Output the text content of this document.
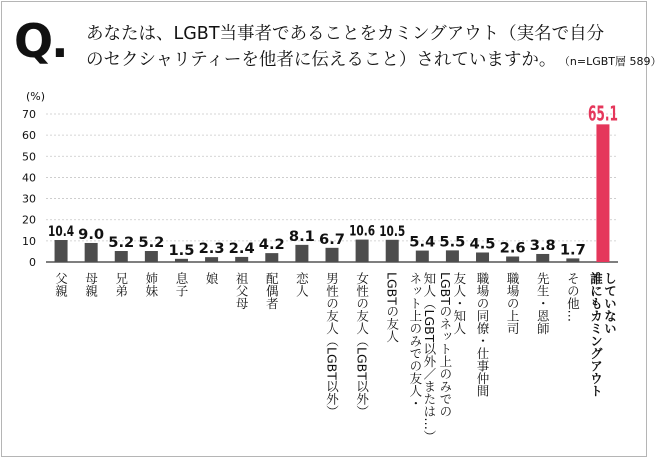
Q. あなたは、LGBT当事者であることをカミングアウト（実名で自分
のセクシャリティーを他者に伝えること）されていますか。 （n=LGBT層 589）
(%)
0
10
20
30
40
50
60
70
10.4
父親
9.0
母親
5.2
兄弟
5.2
姉妹
1.5
息子
2.3
娘
2.4
祖父母
4.2
配偶者
8.1
恋人
6.7
男性の友人（LGBT以外）
10.6
女性の友人（LGBT以外）
10.5
LGBTの友人
5.4
知人（LGBT以外／または…）
ネット上のみでの友人・
5.5
友人・知人
LGBTのネット上のみでの
4.5
職場の同僚・仕事仲間
2.6
職場の上司
3.8
先生・恩師
1.7
その他…
65.1
していない
誰にもカミングアウト
